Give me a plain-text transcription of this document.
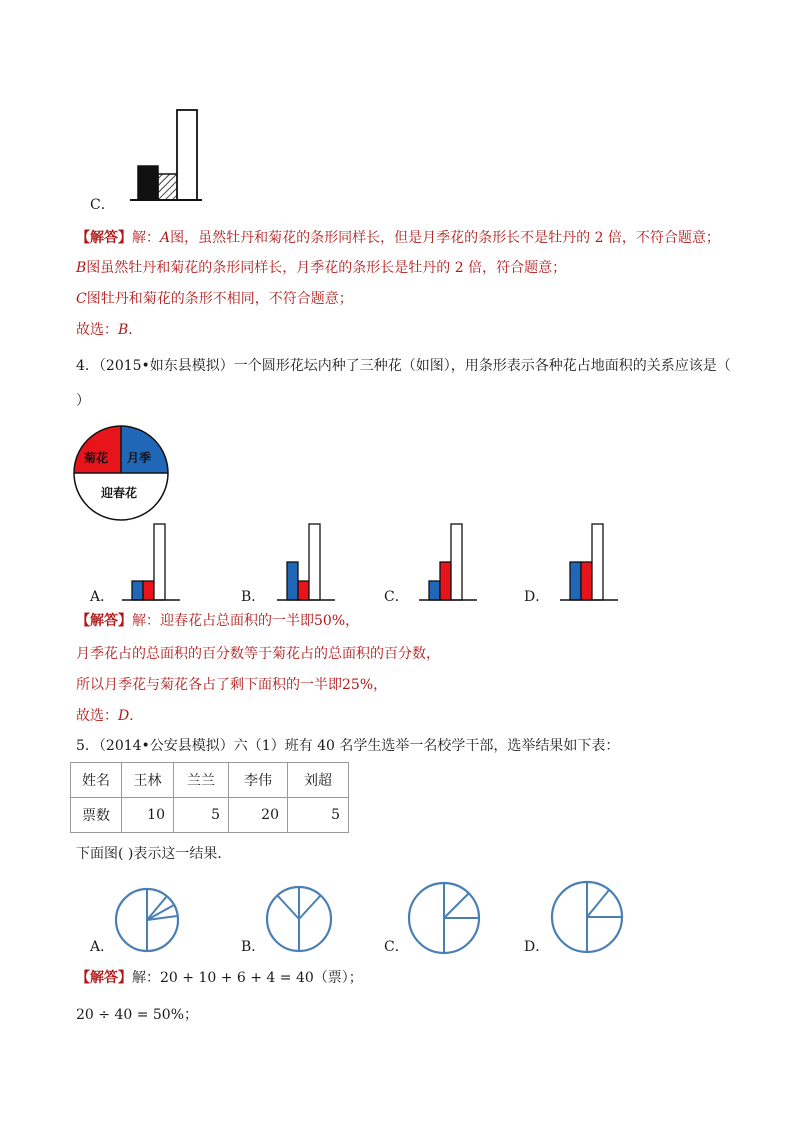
C．
【解答】解：A图，虽然牡丹和菊花的条形同样长，但是月季花的条形长不是牡丹的 2 倍，不符合题意；
B图虽然牡丹和菊花的条形同样长，月季花的条形长是牡丹的 2 倍，符合题意；
C图牡丹和菊花的条形不相同，不符合题意；
故选：B．
4．（2015•如东县模拟）一个圆形花坛内种了三种花（如图），用条形表示各种花占地面积的关系应该是（
）
菊花 月季
迎春花
A．	B．	C．	D．
【解答】解：迎春花占总面积的一半即50%，
月季花占的总面积的百分数等于菊花占的总面积的百分数，
所以月季花与菊花各占了剩下面积的一半即25%，
故选：D．
5．（2014•公安县模拟）六（1）班有 40 名学生选举一名校学干部，选举结果如下表：
姓名	王林	兰兰	李伟	刘超
票数	10	5	20	5
下面图( )表示这一结果．
A．	B．	C．	D．
【解答】解：20 + 10 + 6 + 4 = 40（票）；
20 ÷ 40 = 50%；
